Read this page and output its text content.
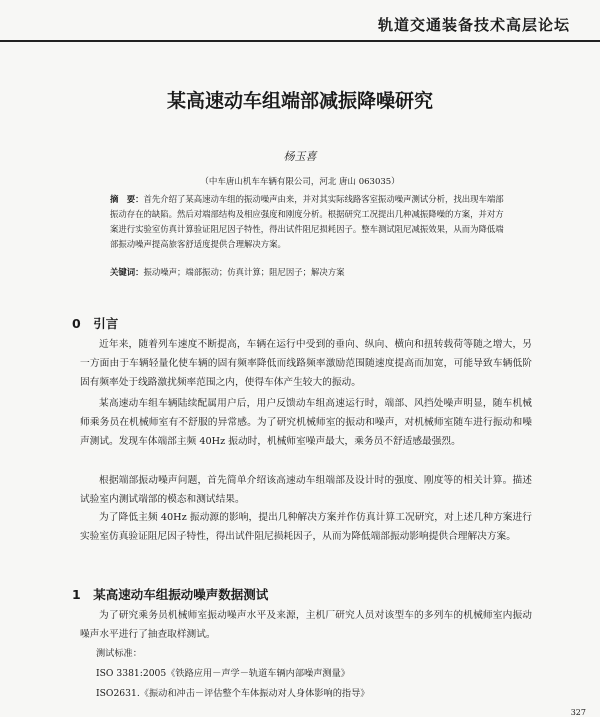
轨道交通装备技术高层论坛
某高速动车组端部减振降噪研究
杨玉喜
（中车唐山机车车辆有限公司，河北 唐山 063035）
摘　要：首先介绍了某高速动车组的振动噪声由来，并对其实际线路客室振动噪声测试分析，找出现车端部振动存在的缺陷。然后对端部结构及相应强度和刚度分析。根据研究工况提出几种减振降噪的方案，并对方案进行实验室仿真计算验证阻尼因子特性，得出试件阻尼损耗因子。整车测试阻尼减振效果，从而为降低端部振动噪声提高旅客舒适度提供合理解决方案。
关键词：振动噪声；端部振动；仿真计算；阻尼因子；解决方案
0　引言
近年来，随着列车速度不断提高，车辆在运行中受到的垂向、纵向、横向和扭转载荷等随之增大，另一方面由于车辆轻量化使车辆的固有频率降低而线路频率激励范围随速度提高而加宽，可能导致车辆低阶固有频率处于线路激扰频率范围之内，使得车体产生较大的振动。
某高速动车组车辆陆续配属用户后，用户反馈动车组高速运行时，端部、风挡处噪声明显，随车机械师乘务员在机械师室有不舒服的异常感。为了研究机械师室的振动和噪声，对机械师室随车进行振动和噪声测试。发现车体端部主频 40Hz 振动时，机械师室噪声最大，乘务员不舒适感最强烈。
根据端部振动噪声问题，首先简单介绍该高速动车组端部及设计时的强度、刚度等的相关计算。描述试验室内测试端部的模态和测试结果。
为了降低主频 40Hz 振动源的影响，提出几种解决方案并作仿真计算工况研究，对上述几种方案进行实验室仿真验证阻尼因子特性，得出试件阻尼损耗因子，从而为降低端部振动影响提供合理解决方案。
1　某高速动车组振动噪声数据测试
为了研究乘务员机械师室振动噪声水平及来源，主机厂研究人员对该型车的多列车的机械师室内振动噪声水平进行了抽查取样测试。
测试标准：
ISO 3381:2005《铁路应用－声学－轨道车辆内部噪声测量》
ISO2631.《振动和冲击－评估整个车体振动对人身体影响的指导》
327
